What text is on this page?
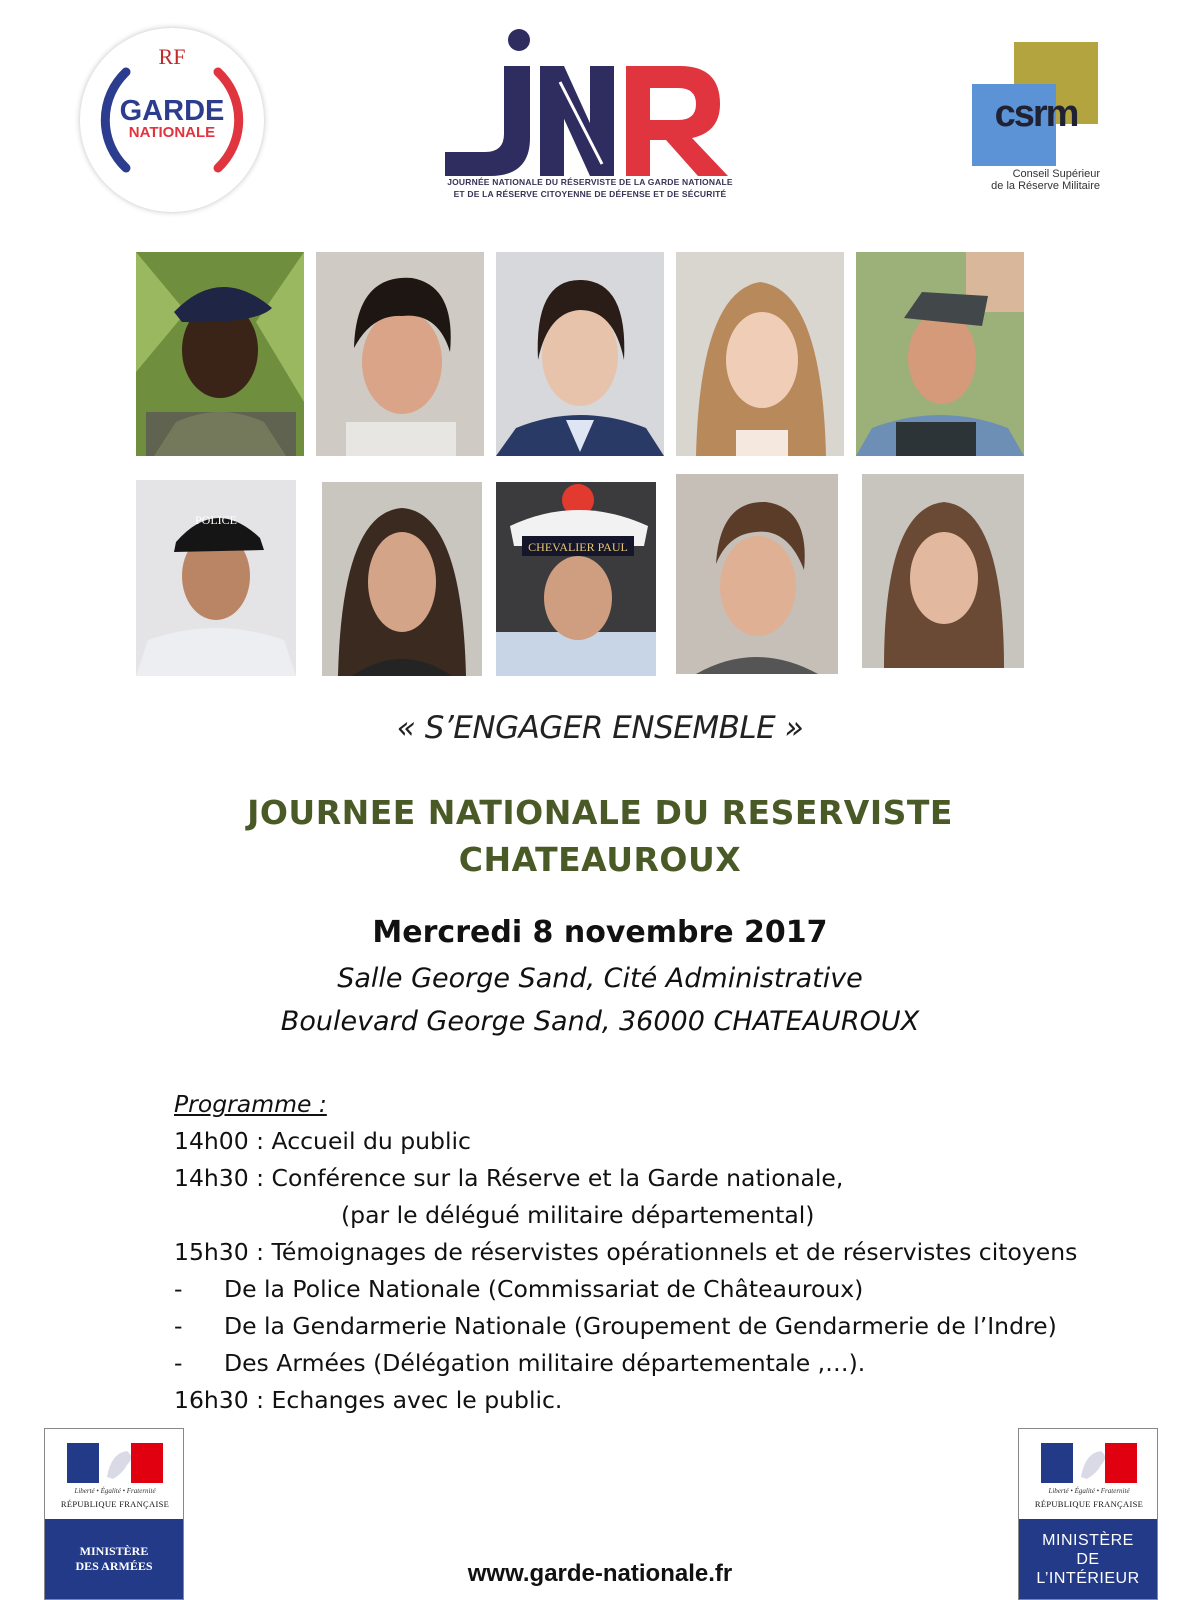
RF
GARDE
NATIONALE
JOURNÉE NATIONALE DU RÉSERVISTE DE LA GARDE NATIONALE
ET DE LA RÉSERVE CITOYENNE DE DÉFENSE ET DE SÉCURITÉ
csrm
Conseil Supérieur
de la Réserve Militaire
POLICE
CHEVALIER PAUL
« S’ENGAGER ENSEMBLE »
JOURNEE NATIONALE DU RESERVISTE
CHATEAUROUX
Mercredi 8 novembre 2017
Salle George Sand, Cité Administrative
Boulevard George Sand, 36000 CHATEAUROUX
Programme :
14h00 : Accueil du public
14h30 : Conférence sur la Réserve et la Garde nationale,
(par le délégué militaire départemental)
15h30 : Témoignages de réservistes opérationnels et de réservistes citoyens
- De la Police Nationale (Commissariat de Châteauroux)
- De la Gendarmerie Nationale (Groupement de Gendarmerie de l’Indre)
- Des Armées (Délégation militaire départementale ,…).
16h30 : Echanges avec le public.
Liberté • Égalité • Fraternité
RÉPUBLIQUE FRANÇAISE
MINISTÈRE
DES ARMÉES	www.garde-nationale.fr
Liberté • Égalité • Fraternité
RÉPUBLIQUE FRANÇAISE
MINISTÈRE
DE
L’INTÉRIEUR
